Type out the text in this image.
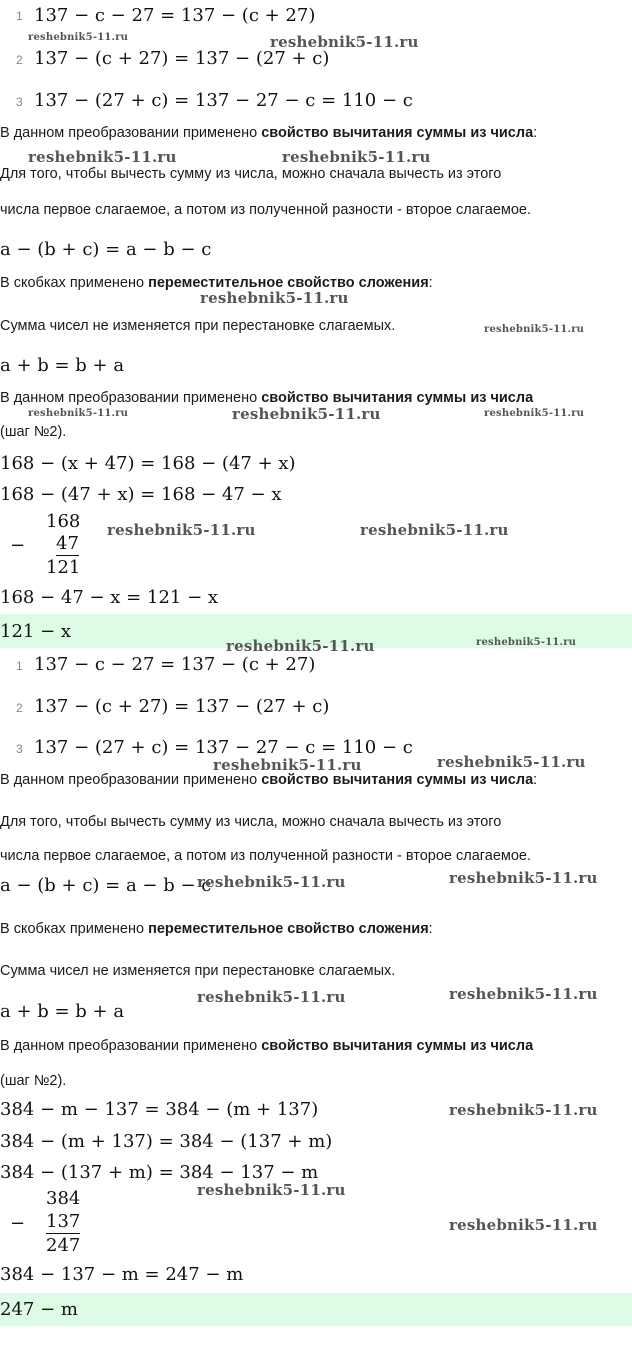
1 137 − c − 27 = 137 − (c + 27)
2 137 − (c + 27) = 137 − (27 + c)
3 137 − (27 + c) = 137 − 27 − c = 110 − c
В данном преобразовании применено свойство вычитания суммы из числа:
Для того, чтобы вычесть сумму из числа, можно сначала вычесть из этого
числа первое слагаемое, а потом из полученной разности - второе слагаемое.
a − (b + c) = a − b − c
В скобках применено переместительное свойство сложения:
Сумма чисел не изменяется при перестановке слагаемых.
a + b = b + a
В данном преобразовании применено свойство вычитания суммы из числа
(шаг №2).
168 − (x + 47) = 168 − (47 + x)
168 − (47 + x) = 168 − 47 − x
168
− 47
121
168 − 47 − x = 121 − x
121 − x
1 137 − c − 27 = 137 − (c + 27)
2 137 − (c + 27) = 137 − (27 + c)
3 137 − (27 + c) = 137 − 27 − c = 110 − c
В данном преобразовании применено свойство вычитания суммы из числа:
Для того, чтобы вычесть сумму из числа, можно сначала вычесть из этого
числа первое слагаемое, а потом из полученной разности - второе слагаемое.
a − (b + c) = a − b − c
В скобках применено переместительное свойство сложения:
Сумма чисел не изменяется при перестановке слагаемых.
a + b = b + a
В данном преобразовании применено свойство вычитания суммы из числа
(шаг №2).
384 − m − 137 = 384 − (m + 137)
384 − (m + 137) = 384 − (137 + m)
384 − (137 + m) = 384 − 137 − m
384
− 137
247
384 − 137 − m = 247 − m
247 − m
reshebnik5-11.ru	reshebnik5-11.ru
reshebnik5-11.ru	reshebnik5-11.ru
reshebnik5-11.ru
reshebnik5-11.ru
reshebnik5-11.ru	reshebnik5-11.ru	reshebnik5-11.ru
reshebnik5-11.ru	reshebnik5-11.ru
reshebnik5-11.ru	reshebnik5-11.ru
reshebnik5-11.ru	reshebnik5-11.ru
reshebnik5-11.ru	reshebnik5-11.ru
reshebnik5-11.ru	reshebnik5-11.ru
reshebnik5-11.ru
reshebnik5-11.ru
reshebnik5-11.ru
